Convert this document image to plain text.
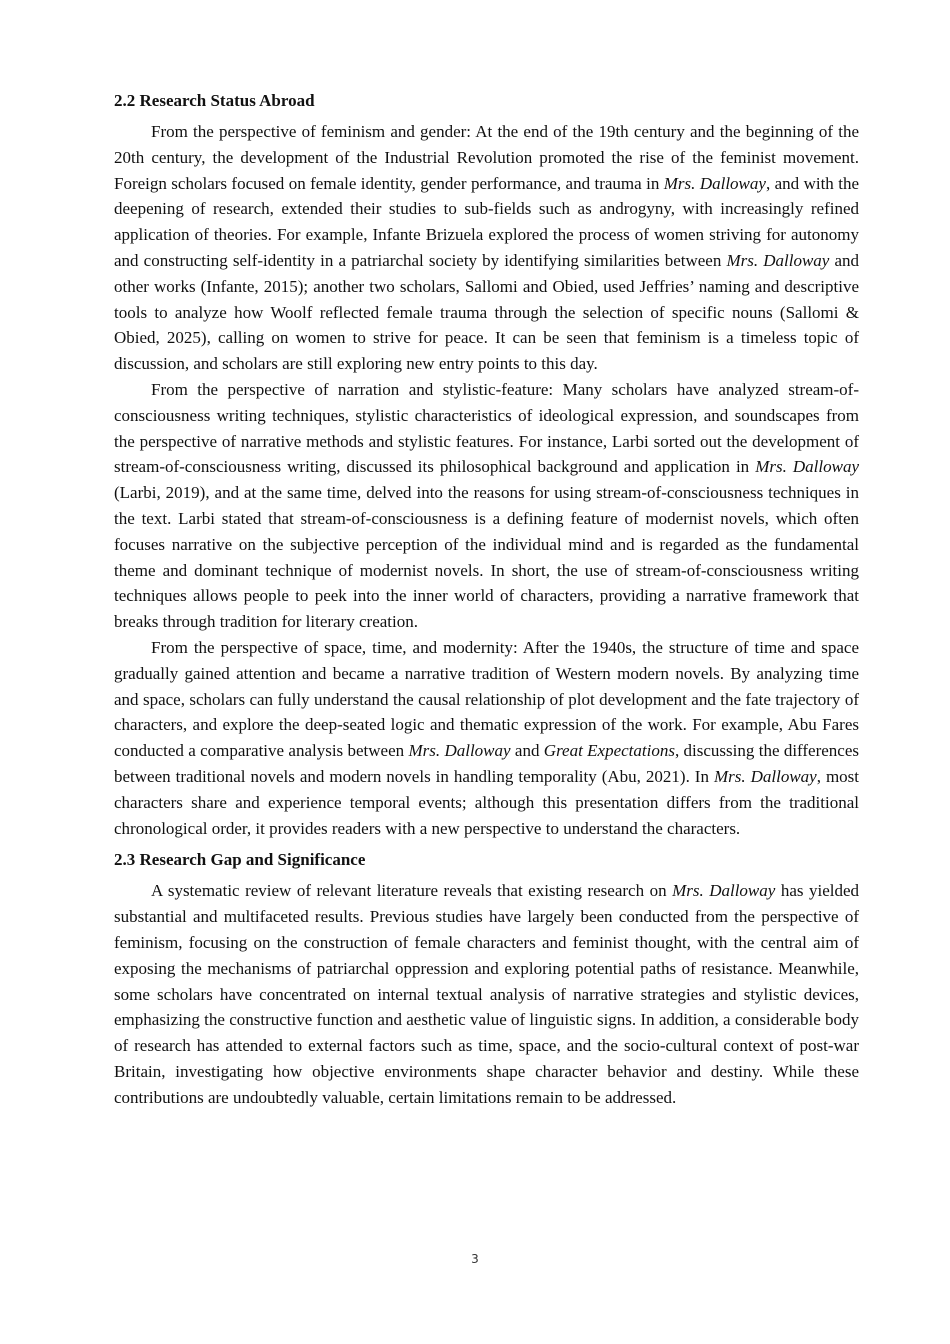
2.2 Research Status Abroad

From the perspective of feminism and gender: At the end of the 19th century and the beginning of the 20th century, the development of the Industrial Revolution promoted the rise of the feminist movement. Foreign scholars focused on female identity, gender performance, and trauma in Mrs. Dalloway, and with the deepening of research, extended their studies to sub-fields such as androgyny, with increasingly refined application of theories. For example, Infante Brizuela explored the process of women striving for autonomy and constructing self-identity in a patriarchal society by identifying similarities between Mrs. Dalloway and other works (Infante, 2015); another two scholars, Sallomi and Obied, used Jeffries’ naming and descriptive tools to analyze how Woolf reflected female trauma through the selection of specific nouns (Sallomi & Obied, 2025), calling on women to strive for peace. It can be seen that feminism is a timeless topic of discussion, and scholars are still exploring new entry points to this day.

From the perspective of narration and stylistic-feature: Many scholars have analyzed stream-of-consciousness writing techniques, stylistic characteristics of ideological expression, and soundscapes from the perspective of narrative methods and stylistic features. For instance, Larbi sorted out the development of stream-of-consciousness writing, discussed its philosophical background and application in Mrs. Dalloway (Larbi, 2019), and at the same time, delved into the reasons for using stream-of-consciousness techniques in the text. Larbi stated that stream-of-consciousness is a defining feature of modernist novels, which often focuses narrative on the subjective perception of the individual mind and is regarded as the fundamental theme and dominant technique of modernist novels. In short, the use of stream-of-consciousness writing techniques allows people to peek into the inner world of characters, providing a narrative framework that breaks through tradition for literary creation.

From the perspective of space, time, and modernity: After the 1940s, the structure of time and space gradually gained attention and became a narrative tradition of Western modern novels. By analyzing time and space, scholars can fully understand the causal relationship of plot development and the fate trajectory of characters, and explore the deep-seated logic and thematic expression of the work. For example, Abu Fares conducted a comparative analysis between Mrs. Dalloway and Great Expectations, discussing the differences between traditional novels and modern novels in handling temporality (Abu, 2021). In Mrs. Dalloway, most characters share and experience temporal events; although this presentation differs from the traditional chronological order, it provides readers with a new perspective to understand the characters.

2.3 Research Gap and Significance

A systematic review of relevant literature reveals that existing research on Mrs. Dalloway has yielded substantial and multifaceted results. Previous studies have largely been conducted from the perspective of feminism, focusing on the construction of female characters and feminist thought, with the central aim of exposing the mechanisms of patriarchal oppression and exploring potential paths of resistance. Meanwhile, some scholars have concentrated on internal textual analysis of narrative strategies and stylistic devices, emphasizing the constructive function and aesthetic value of linguistic signs. In addition, a considerable body of research has attended to external factors such as time, space, and the socio-cultural context of post-war Britain, investigating how objective environments shape character behavior and destiny. While these contributions are undoubtedly valuable, certain limitations remain to be addressed.

3
